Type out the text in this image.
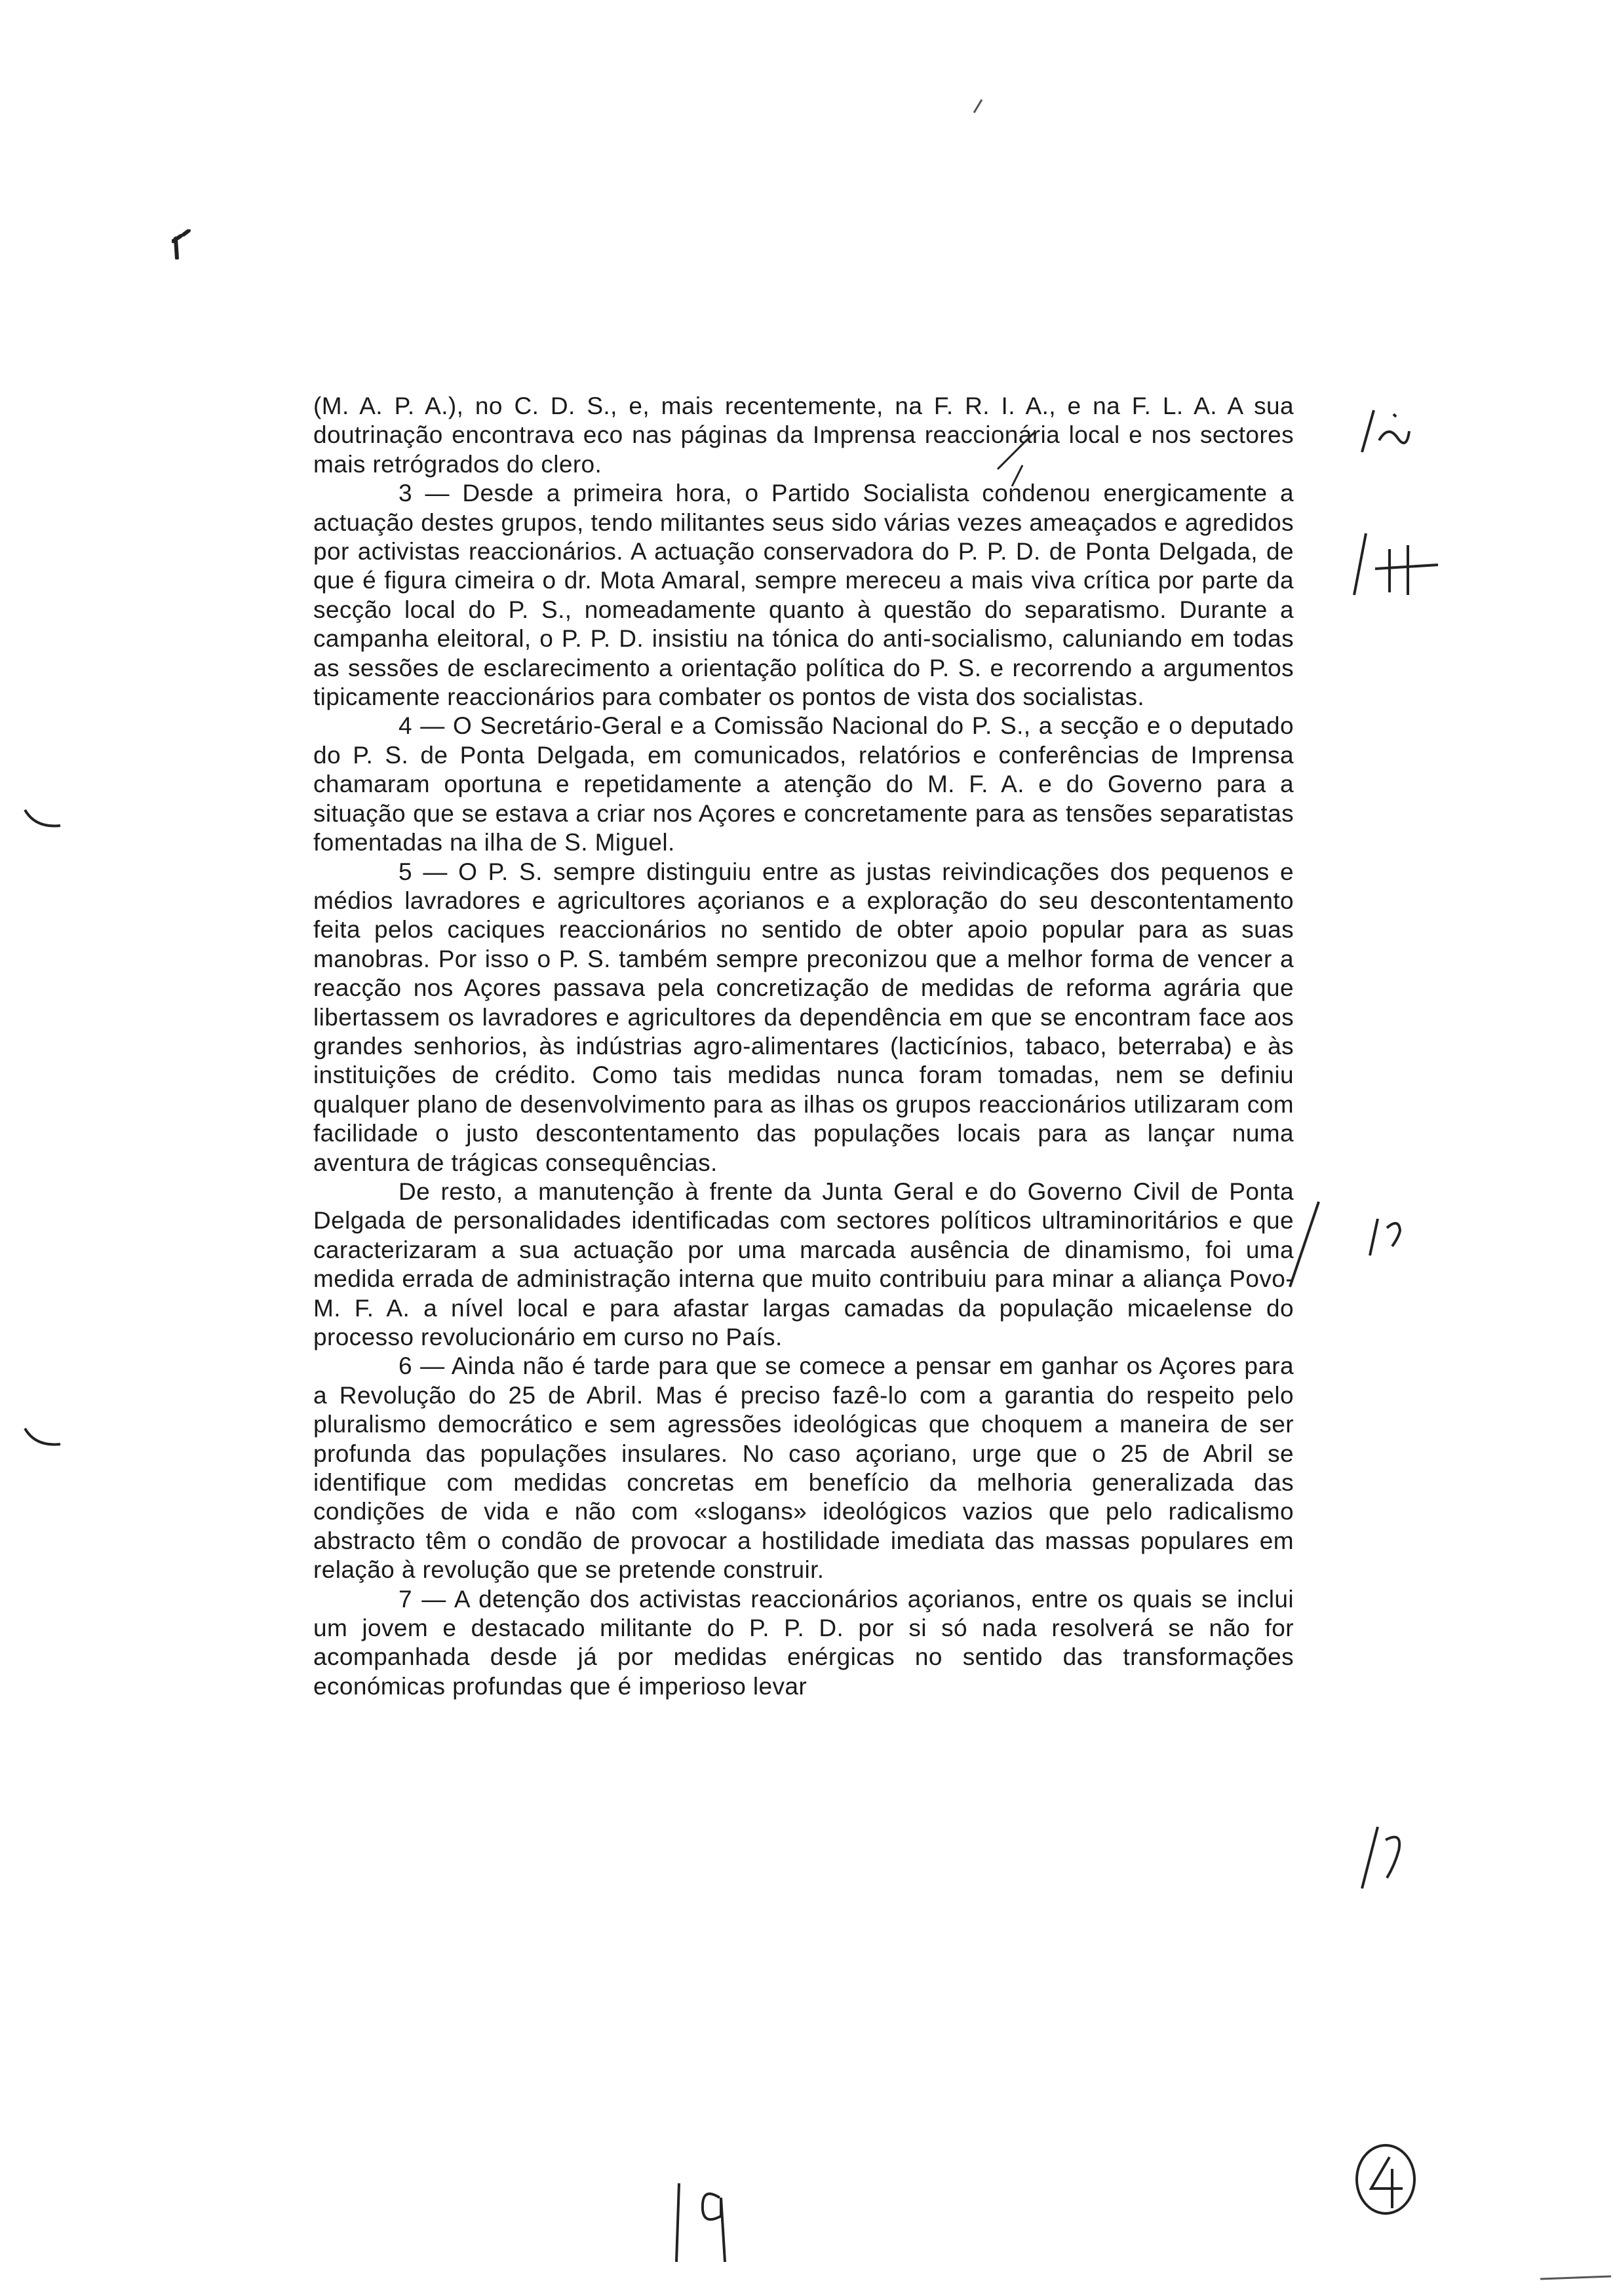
(M. A. P. A.), no C. D. S., e, mais recentemente, na F. R. I. A., e na F. L. A. A sua doutrinação encontrava eco nas páginas da Imprensa reaccionária local e nos sectores mais retrógrados do clero.

3 — Desde a primeira hora, o Partido Socialista condenou energicamente a actuação destes grupos, tendo militantes seus sido várias vezes ameaçados e agredidos por activistas reaccionários. A actuação conservadora do P. P. D. de Ponta Delgada, de que é figura cimeira o dr. Mota Amaral, sempre mereceu a mais viva crítica por parte da secção local do P. S., nomeadamente quanto à questão do separatismo. Durante a campanha eleitoral, o P. P. D. insistiu na tónica do anti-socialismo, caluniando em todas as sessões de esclarecimento a orientação política do P. S. e recorrendo a argumentos tipicamente reaccionários para combater os pontos de vista dos socialistas.

4 — O Secretário-Geral e a Comissão Nacional do P. S., a secção e o deputado do P. S. de Ponta Delgada, em comunicados, relatórios e conferências de Imprensa chamaram oportuna e repetidamente a atenção do M. F. A. e do Governo para a situação que se estava a criar nos Açores e concretamente para as tensões separatistas fomentadas na ilha de S. Miguel.

5 — O P. S. sempre distinguiu entre as justas reivindicações dos pequenos e médios lavradores e agricultores açorianos e a exploração do seu descontentamento feita pelos caciques reaccionários no sentido de obter apoio popular para as suas manobras. Por isso o P. S. também sempre preconizou que a melhor forma de vencer a reacção nos Açores passava pela concretização de medidas de reforma agrária que libertassem os lavradores e agricultores da dependência em que se encontram face aos grandes senhorios, às indústrias agro-alimentares (lacticínios, tabaco, beterraba) e às instituições de crédito. Como tais medidas nunca foram tomadas, nem se definiu qualquer plano de desenvolvimento para as ilhas os grupos reaccionários utilizaram com facilidade o justo descontentamento das populações locais para as lançar numa aventura de trágicas consequências.

De resto, a manutenção à frente da Junta Geral e do Governo Civil de Ponta Delgada de personalidades identificadas com sectores políticos ultraminoritários e que caracterizaram a sua actuação por uma marcada ausência de dinamismo, foi uma medida errada de administração interna que muito contribuiu para minar a aliança Povo-M. F. A. a nível local e para afastar largas camadas da população micaelense do processo revolucionário em curso no País.

6 — Ainda não é tarde para que se comece a pensar em ganhar os Açores para a Revolução do 25 de Abril. Mas é preciso fazê-lo com a garantia do respeito pelo pluralismo democrático e sem agressões ideológicas que choquem a maneira de ser profunda das populações insulares. No caso açoriano, urge que o 25 de Abril se identifique com medidas concretas em benefício da melhoria generalizada das condições de vida e não com «slogans» ideológicos vazios que pelo radicalismo abstracto têm o condão de provocar a hostilidade imediata das massas populares em relação à revolução que se pretende construir.

7 — A detenção dos activistas reaccionários açorianos, entre os quais se inclui um jovem e destacado militante do P. P. D. por si só nada resolverá se não for acompanhada desde já por medidas enérgicas no sentido das transformações económicas profundas que é imperioso levar
